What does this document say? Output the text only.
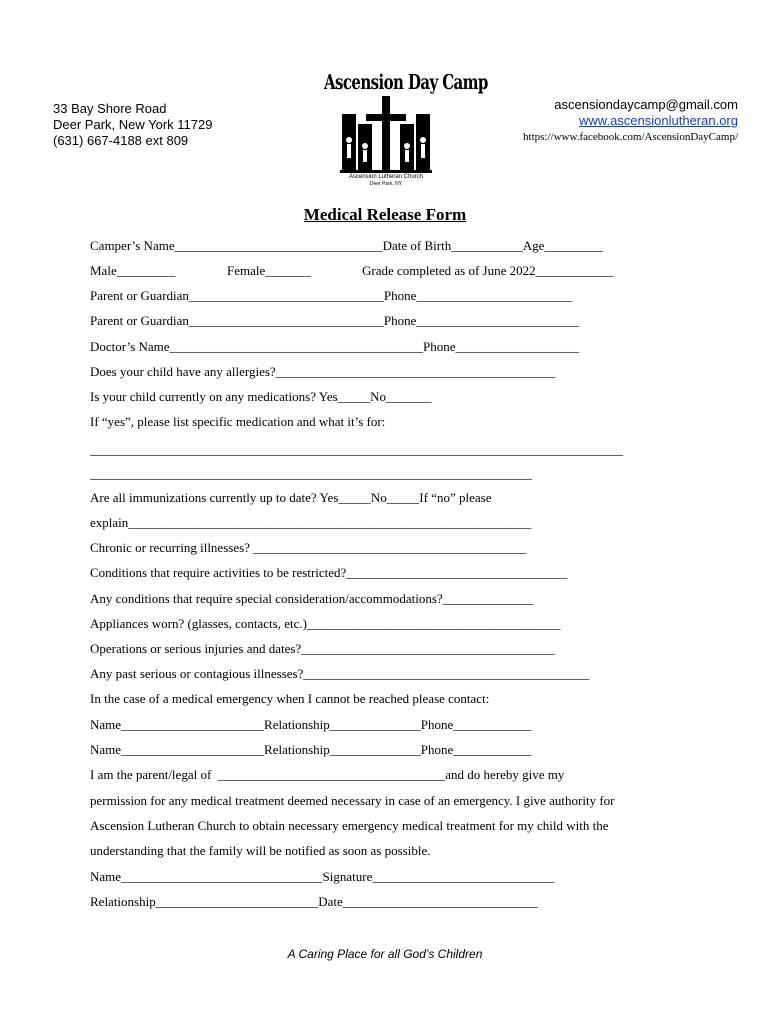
33 Bay Shore Road
Deer Park, New York 11729
(631) 667-4188 ext 809
ascensiondaycamp@gmail.com
www.ascensionlutheran.org
https://www.facebook.com/AscensionDayCamp/
Ascension Day Camp
Ascension Lutheran Church
Deer Park, NY
Medical Release Form
Camper’s Name________________________________Date of Birth___________Age_________
Male_________	Female_______	Grade completed as of June 2022____________
Parent or Guardian______________________________Phone________________________
Parent or Guardian______________________________Phone_________________________
Doctor’s Name_______________________________________Phone___________________
Does your child have any allergies?___________________________________________
Is your child currently on any medications? Yes_____No_______
If “yes”, please list specific medication and what it’s for:
__________________________________________________________________________________
____________________________________________________________________
Are all immunizations currently up to date? Yes_____No_____If “no” please
explain______________________________________________________________
Chronic or recurring illnesses? __________________________________________
Conditions that require activities to be restricted?__________________________________
Any conditions that require special consideration/accommodations?______________
Appliances worn? (glasses, contacts, etc.)_______________________________________
Operations or serious injuries and dates?_______________________________________
Any past serious or contagious illnesses?____________________________________________
In the case of a medical emergency when I cannot be reached please contact:
Name______________________Relationship______________Phone____________
Name______________________Relationship______________Phone____________
I am the parent/legal of  ___________________________________and do hereby give my
permission for any medical treatment deemed necessary in case of an emergency. I give authority for
Ascension Lutheran Church to obtain necessary emergency medical treatment for my child with the
understanding that the family will be notified as soon as possible.
Name_______________________________Signature____________________________
Relationship_________________________Date______________________________
A Caring Place for all God’s Children
